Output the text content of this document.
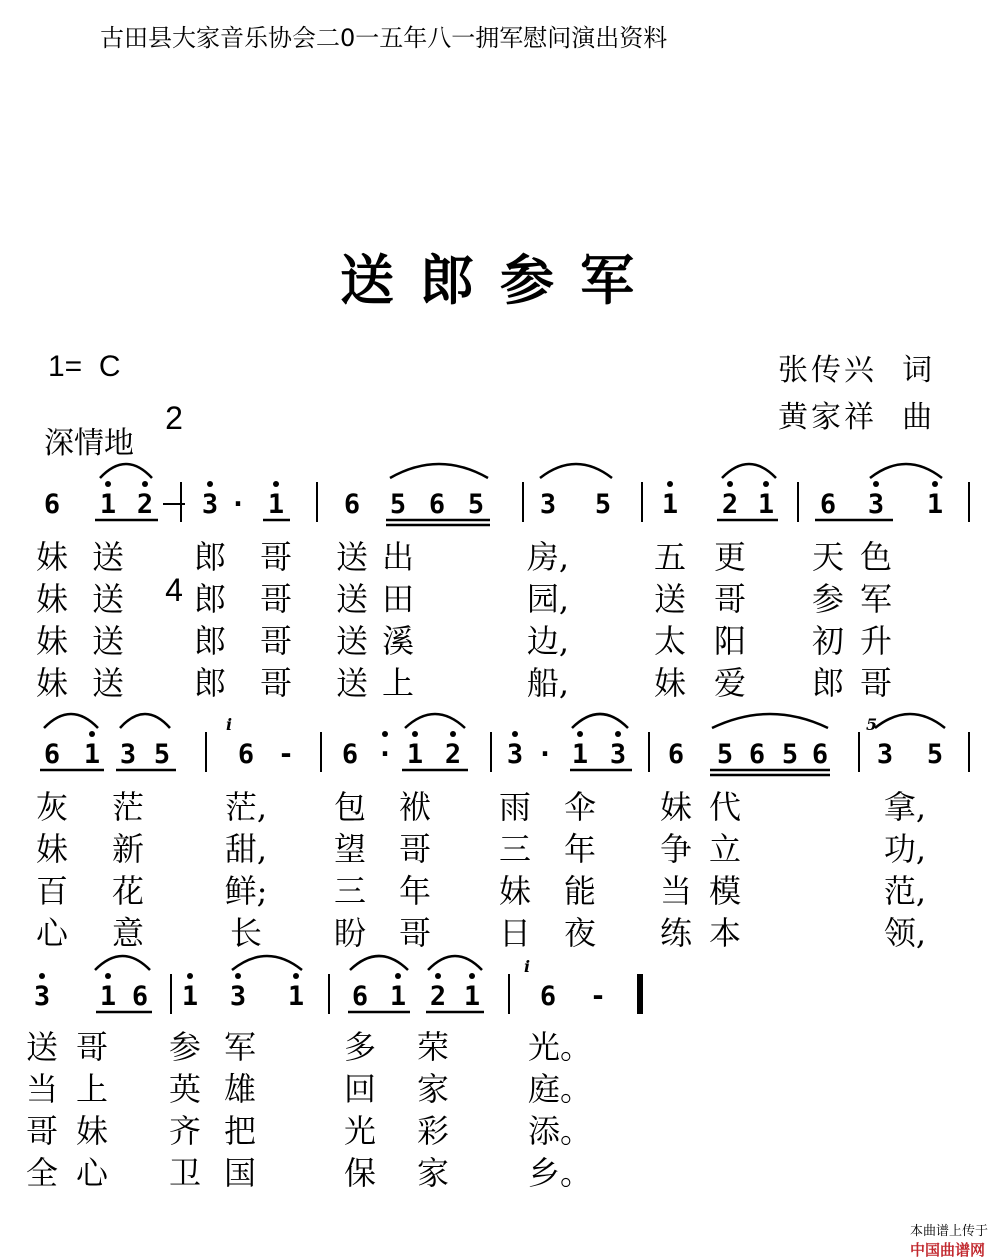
古田县大家音乐协会二0一五年八一拥军慰问演出资料
送郎参军
1=  C

2

4

深情地
张传兴  词
黄家祥  曲
6 1 2 3 · 1 6 5 6 5 3 5 1 2 1 6 3 1
妹 送 郎 哥 送 出	房,	五 更 天 色
妹 送 郎 哥 送 田	园,	送 哥 参 军
妹 送 郎 哥 送 溪	边,	太 阳 初 升
妹 送 郎 哥 送 上	船,	妹 爱 郎 哥
6 1 3 5	6 - 6 · 1 2 3 · 1 3 6 5 6 5 6 3 5
灰 茫	茫, 包 袱 雨 伞 妹 代	拿,
妹 新	甜, 望 哥 三 年 争 立	功,
百 花	鲜; 三 年 妹 能 当 模	范,
心 意	长 盼 哥 日 夜 练 本	领,
3 1 6 1 3 1 6 1 2 1 6 -
送 哥 参 军	多 荣 光。
当 上 英 雄	回 家 庭。
哥 妹 齐 把	光 彩 添。
全 心 卫 国	保 家 乡。
i	5
i

本曲谱上传于
中国曲谱网
